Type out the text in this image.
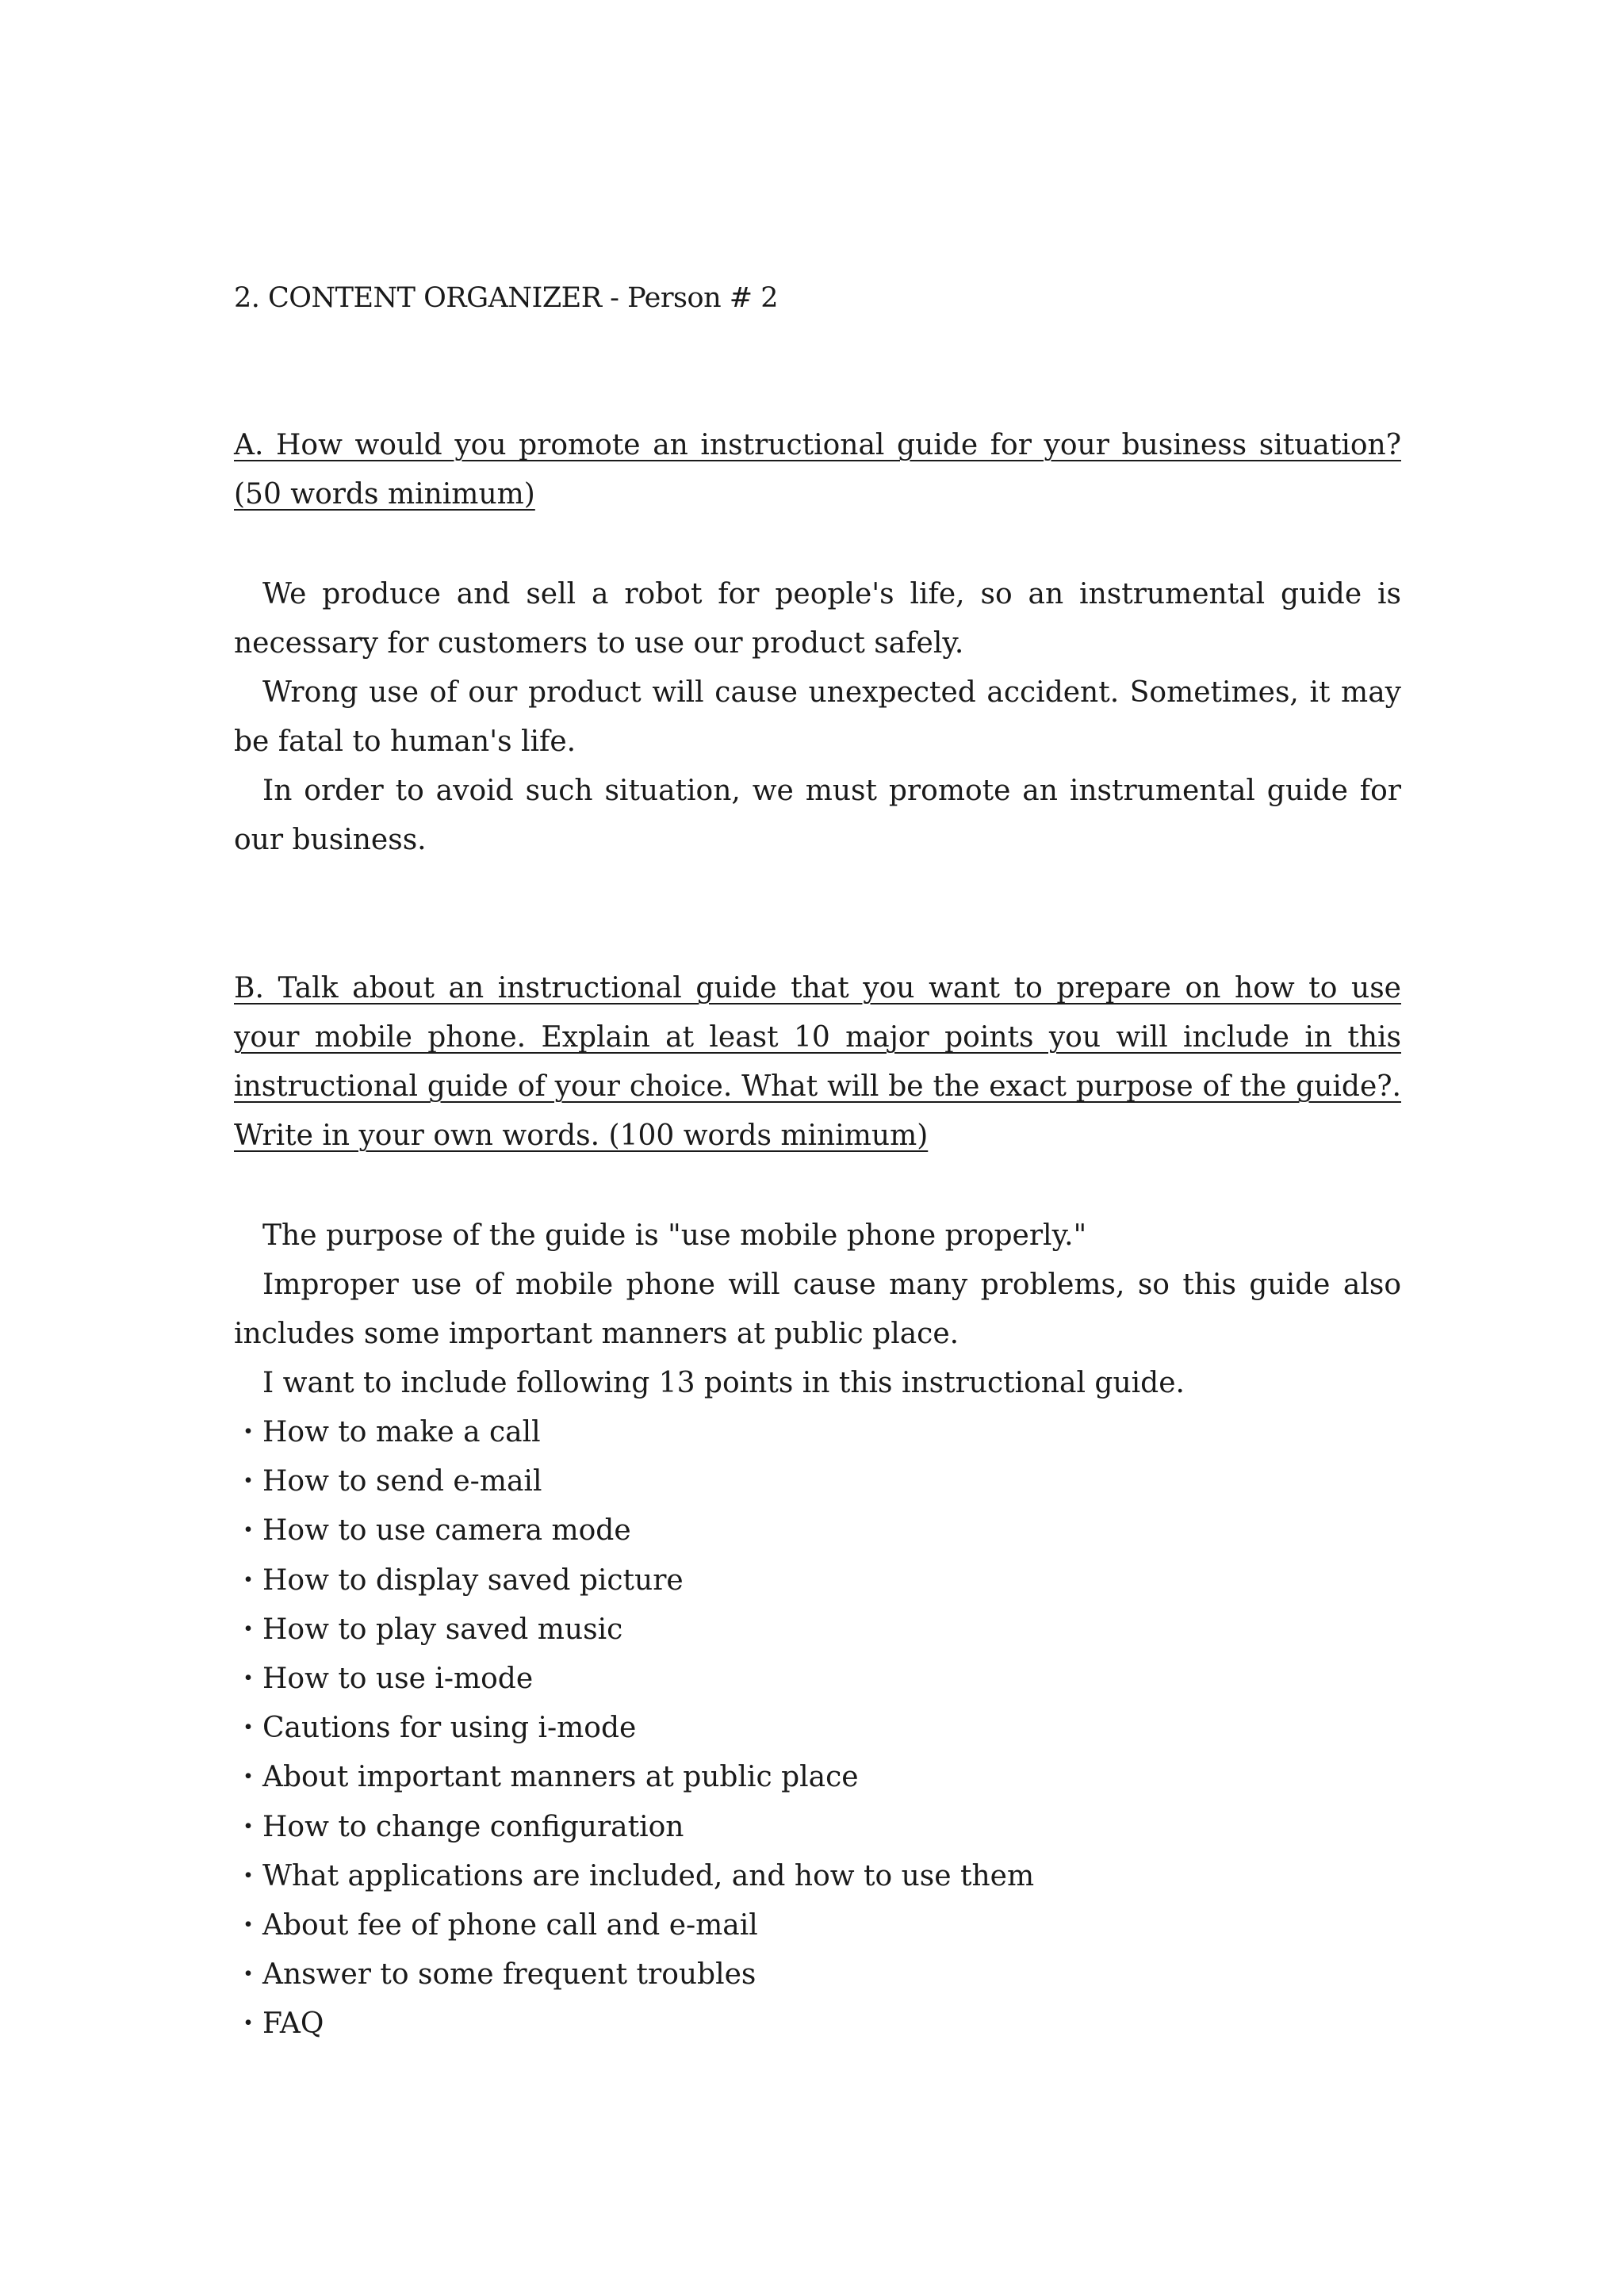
2. CONTENT ORGANIZER - Person # 2

A. How would you promote an instructional guide for your business situation? (50 words minimum)

We produce and sell a robot for people's life, so an instrumental guide is necessary for customers to use our product safely.

Wrong use of our product will cause unexpected accident. Sometimes, it may be fatal to human's life.

In order to avoid such situation, we must promote an instrumental guide for our business.

B. Talk about an instructional guide that you want to prepare on how to use your mobile phone. Explain at least 10 major points you will include in this instructional guide of your choice. What will be the exact purpose of the guide?. Write in your own words. (100 words minimum)

The purpose of the guide is "use mobile phone properly."

Improper use of mobile phone will cause many problems, so this guide also includes some important manners at public place.

I want to include following 13 points in this instructional guide.

・How to make a call
・How to send e-mail
・How to use camera mode
・How to display saved picture
・How to play saved music
・How to use i-mode
・Cautions for using i-mode
・About important manners at public place
・How to change configuration
・What applications are included, and how to use them
・About fee of phone call and e-mail
・Answer to some frequent troubles
・FAQ
